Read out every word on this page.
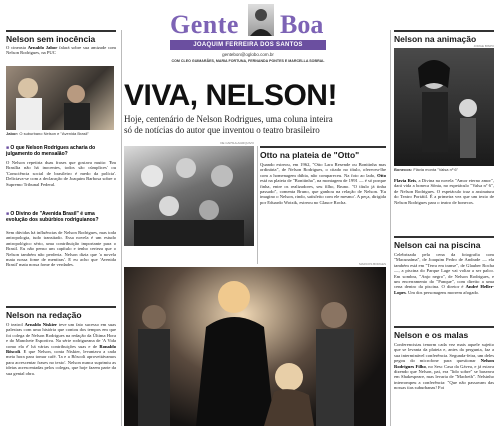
Gente Boa
JOAQUIM FERREIRA DOS SANTOS
gentebon@oglobo.com.br
COM CLEO GUIMARÃES, MARIA FORTUNA, FERNANDA PONTES E MARCELLA SOBRAL
Nelson sem inocência
O cineasta Arnaldo Jabor falará sobre sua amizade com Nelson Rodrigues, na PUC
Jabor: O suburbano Nelson e "Avenida Brasil"
■ O que Nelson Rodrigues acharia do julgamento do mensalão?
O Nelson repetiria duas frases que gostava muito: 'Em Brasília não há inocentes, todos são cúmplices' ou 'Consciência social de brasileiro é medo da polícia'. Deliciava-se com a declaração de Joaquim Barbosa sobre o Supremo Tribunal Federal.
■ O Divino de "Avenida Brasil" é uma evolução dos subúrbios rodriguianos?
Sem dúvidas há influências de Nelson Rodrigues, mas toda antropologia, tudo transitado. Essa novela é um estudo antropológico sério, uma contribuição importante para o Brasil. Eu não penso um capítulo e tenho certeza que o Nelson também não perderia. Nelson dizia que 'a novela mata nossa fome de mentiras'. E eu acho que 'Avenida Brasil' mata nossa fome de verdades.
Nelson na redação
O teatrol Arnaldo Niskier teve um fato sucesso em suas palestras com uma história que contou dos tempos em que foi colega de Nelson Rodrigues na redação da Última Hora e do Manchete Esportiva. Na série rodrigueana de 'A Vida como ela é' há várias contribuições suas e de Ronaldo Bôscoli. E que Nelson, conta Niskier, levantava a cada meia hora para tomar café. 'Ia e a Bôscoli aproveitávamos para acrescentar frases no texto'. Nelson nunca suprimiu as ideias acrescentadas pelos colegas, que hoje fazem parte da sua genial obra.
VIVA, NELSON!
Hoje, centenário de Nelson Rodrigues, uma coluna inteira
só de notícias do autor que inventou o teatro brasileiro
DE CAPSULA/ARQUIVO
Otto na plateia de "Otto"
Quando estreou, em 1962, "Otto Lara Resende ou Bonitinha mas ordinária", de Nelson Rodrigues, o citado no título, ofereceu-lhe com a homenagem dúbia, não compareceu. Na foto ao lado, Otto está na plateia de "Bonitinha", na montagem de 1991 — é só porque finha, entre os realizadores, seu filho, Bruno. "O título já tinha passado", comenta Bruno, que ganhou na relação de Nelson. 'Eu imagino o Nelson, rindo, satisfeito com ele mesmo'. A peça, dirigida por Eduardo Wotzik, estreou no Glauce Rocha.
MARCOS BORGES
Nelson na animação
JORGE BISPO
Bonecos: Flávia monta "Valsa nº 6"
Flavia Reis, a Divina na novela "Amor eterno amor", dará vida a boneca Sônia, no espetáculo "Valsa nº 6", de Nelson Rodrigues. O espetáculo traz a assinatura do Teatro Portátil. É a primeira vez que um texto de Nelson Rodrigues para o teatro de bonecos.
Nelson cai na piscina
Celebrizada pela cena da fotografia com "Macunaíma", de Joaquim Pedro de Andrade — ela também está em "Terra em transe", de Glauber Rocha —, a piscina do Parque Lage vai voltar a ser palco. Em sombra, "Anjo negro", de Nelson Rodrigues, e um encerramento do "Panque", com direito a uma cena dentro da piscina. O diretor é André Heller-Lopes. Um dos personagens morrem afogado.
Nelson e os malas
Conferencistas tenorm cada vez mais aquele sujeito que se levanta da plateia e, antes da pergunta, faz a sua interminável conferência. Segunda-feira, um deles pegou do microfone para questionar Nelson Rodrigues Filho, no Sesc Casa da Gávea, e já estava dizendo que Nelson, pai, era "lido sobre" se baseava em Shakespeare, mas levaria de "Macbeth". Nelsinho interrompeu a conferência: "Que não passavam das nossas tias suburbanas! Foi
